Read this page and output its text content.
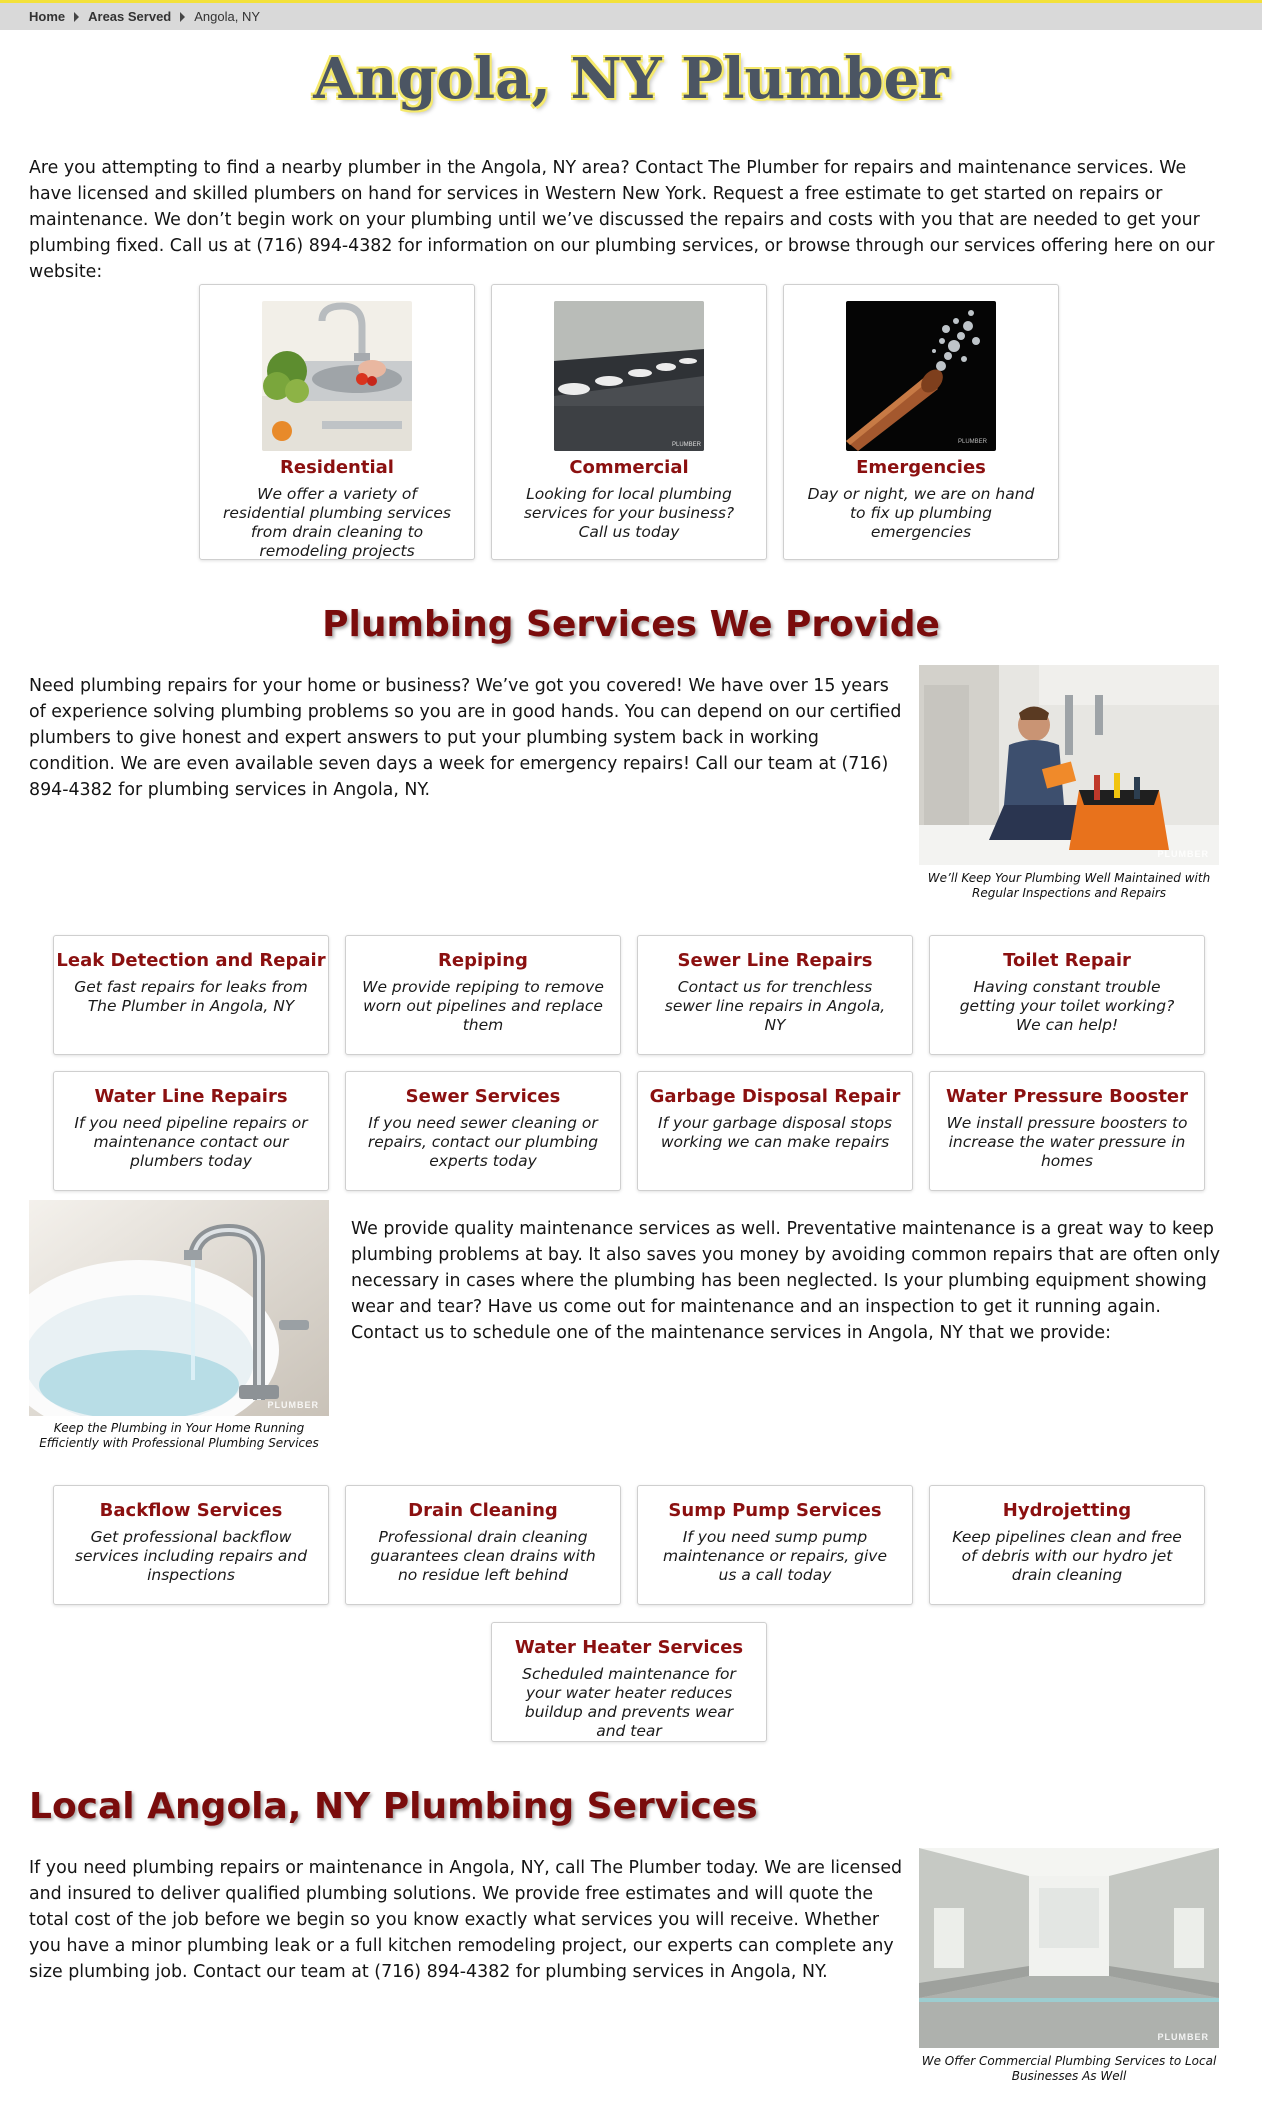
Home Areas Served Angola, NY
Angola, NY Plumber

Are you attempting to find a nearby plumber in the Angola, NY area? Contact The Plumber for repairs and maintenance services. We have licensed and skilled plumbers on hand for services in Western New York. Request a free estimate to get started on repairs or maintenance. We don’t begin work on your plumbing until we’ve discussed the repairs and costs with you that are needed to get your plumbing fixed. Call us at (716) 894-4382 for information on our plumbing services, or browse through our services offering here on our website:

Residential
We offer a variety of residential plumbing services from drain cleaning to remodeling projects
PLUMBER
Commercial
Looking for local plumbing services for your business? Call us today
PLUMBER
Emergencies
Day or night, we are on hand to fix up plumbing emergencies
Plumbing Services We Provide

Need plumbing repairs for your home or business? We’ve got you covered! We have over 15 years of experience solving plumbing problems so you are in good hands. You can depend on our certified plumbers to give honest and expert answers to put your plumbing system back in working condition. We are even available seven days a week for emergency repairs! Call our team at (716) 894-4382 for plumbing services in Angola, NY.

PLUMBER

We’ll Keep Your Plumbing Well Maintained with Regular Inspections and Repairs

Leak Detection and Repair
Get fast repairs for leaks from The Plumber in Angola, NY
Repiping
We provide repiping to remove worn out pipelines and replace them
Sewer Line Repairs
Contact us for trenchless sewer line repairs in Angola, NY
Toilet Repair
Having constant trouble getting your toilet working? We can help!
Water Line Repairs
If you need pipeline repairs or maintenance contact our plumbers today
Sewer Services
If you need sewer cleaning or repairs, contact our plumbing experts today
Garbage Disposal Repair
If your garbage disposal stops working we can make repairs
Water Pressure Booster
We install pressure boosters to increase the water pressure in homes
PLUMBER

Keep the Plumbing in Your Home Running Efficiently with Professional Plumbing Services

We provide quality maintenance services as well. Preventative maintenance is a great way to keep plumbing problems at bay. It also saves you money by avoiding common repairs that are often only necessary in cases where the plumbing has been neglected. Is your plumbing equipment showing wear and tear? Have us come out for maintenance and an inspection to get it running again. Contact us to schedule one of the maintenance services in Angola, NY that we provide:

Backflow Services
Get professional backflow services including repairs and inspections
Drain Cleaning
Professional drain cleaning guarantees clean drains with no residue left behind
Sump Pump Services
If you need sump pump maintenance or repairs, give us a call today
Hydrojetting
Keep pipelines clean and free of debris with our hydro jet drain cleaning
Water Heater Services
Scheduled maintenance for your water heater reduces buildup and prevents wear and tear
Local Angola, NY Plumbing Services

If you need plumbing repairs or maintenance in Angola, NY, call The Plumber today. We are licensed and insured to deliver qualified plumbing solutions. We provide free estimates and will quote the total cost of the job before we begin so you know exactly what services you will receive. Whether you have a minor plumbing leak or a full kitchen remodeling project, our experts can complete any size plumbing job. Contact our team at (716) 894-4382 for plumbing services in Angola, NY.

PLUMBER

We Offer Commercial Plumbing Services to Local Businesses As Well
